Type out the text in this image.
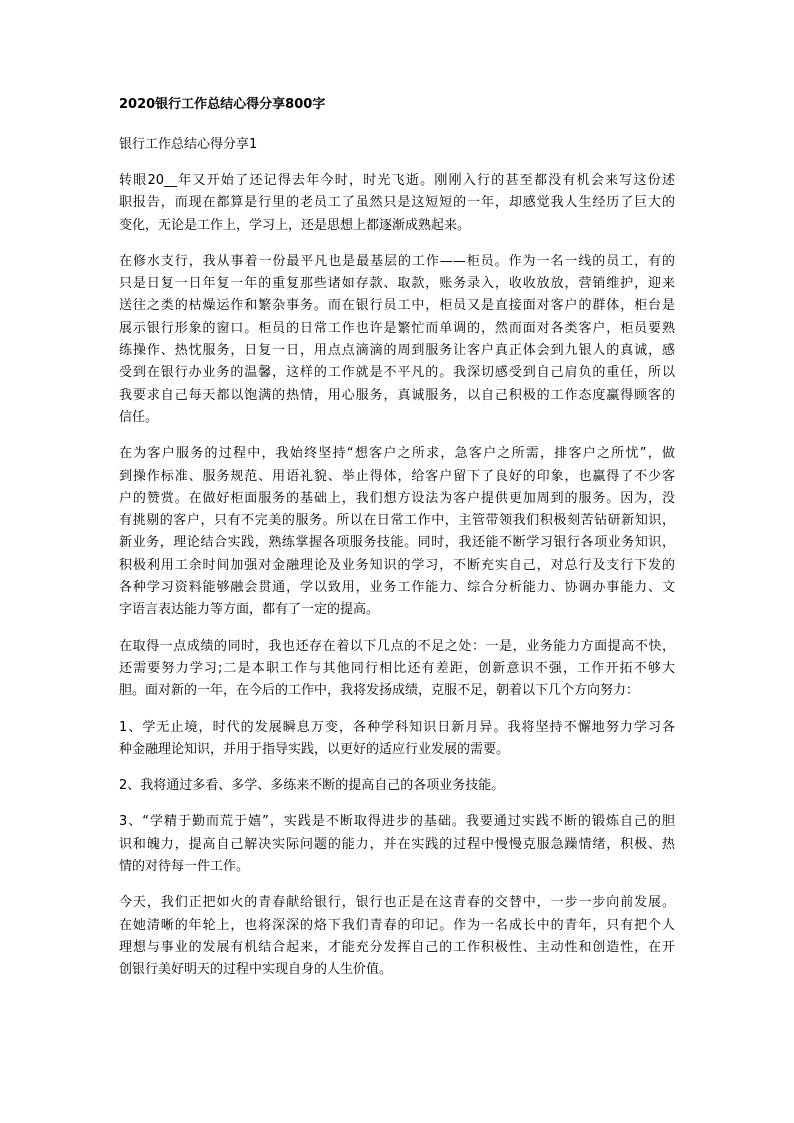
2020银行工作总结心得分享800字
银行工作总结心得分享1

转眼20__年又开始了还记得去年今时，时光飞逝。刚刚入行的甚至都没有机会来写这份述
职报告，而现在都算是行里的老员工了虽然只是这短短的一年，却感觉我人生经历了巨大的
变化，无论是工作上，学习上，还是思想上都逐渐成熟起来。

在修水支行，我从事着一份最平凡也是最基层的工作——柜员。作为一名一线的员工，有的
只是日复一日年复一年的重复那些诸如存款、取款，账务录入，收收放放，营销维护，迎来
送往之类的枯燥运作和繁杂事务。而在银行员工中，柜员又是直接面对客户的群体，柜台是
展示银行形象的窗口。柜员的日常工作也许是繁忙而单调的，然而面对各类客户，柜员要熟
练操作、热忱服务，日复一日，用点点滴滴的周到服务让客户真正体会到九银人的真诚，感
受到在银行办业务的温馨，这样的工作就是不平凡的。我深切感受到自己肩负的重任，所以
我要求自己每天都以饱满的热情，用心服务，真诚服务，以自己积极的工作态度赢得顾客的
信任。

在为客户服务的过程中，我始终坚持“想客户之所求，急客户之所需，排客户之所忧”，做
到操作标准、服务规范、用语礼貌、举止得体，给客户留下了良好的印象，也赢得了不少客
户的赞赏。在做好柜面服务的基础上，我们想方设法为客户提供更加周到的服务。因为，没
有挑剔的客户，只有不完美的服务。所以在日常工作中，主管带领我们积极刻苦钻研新知识，
新业务，理论结合实践，熟练掌握各项服务技能。同时，我还能不断学习银行各项业务知识，
积极利用工余时间加强对金融理论及业务知识的学习，不断充实自己，对总行及支行下发的
各种学习资料能够融会贯通，学以致用，业务工作能力、综合分析能力、协调办事能力、文
字语言表达能力等方面，都有了一定的提高。

在取得一点成绩的同时，我也还存在着以下几点的不足之处：一是，业务能力方面提高不快，
还需要努力学习;二是本职工作与其他同行相比还有差距，创新意识不强，工作开拓不够大
胆。面对新的一年，在今后的工作中，我将发扬成绩，克服不足，朝着以下几个方向努力：

1、学无止境，时代的发展瞬息万变，各种学科知识日新月异。我将坚持不懈地努力学习各
种金融理论知识，并用于指导实践，以更好的适应行业发展的需要。

2、我将通过多看、多学、多练来不断的提高自己的各项业务技能。

3、“学精于勤而荒于嬉”，实践是不断取得进步的基础。我要通过实践不断的锻炼自己的胆
识和魄力，提高自己解决实际问题的能力，并在实践的过程中慢慢克服急躁情绪，积极、热
情的对待每一件工作。

今天，我们正把如火的青春献给银行，银行也正是在这青春的交替中，一步一步向前发展。
在她清晰的年轮上，也将深深的烙下我们青春的印记。作为一名成长中的青年，只有把个人
理想与事业的发展有机结合起来，才能充分发挥自己的工作积极性、主动性和创造性，在开
创银行美好明天的过程中实现自身的人生价值。
